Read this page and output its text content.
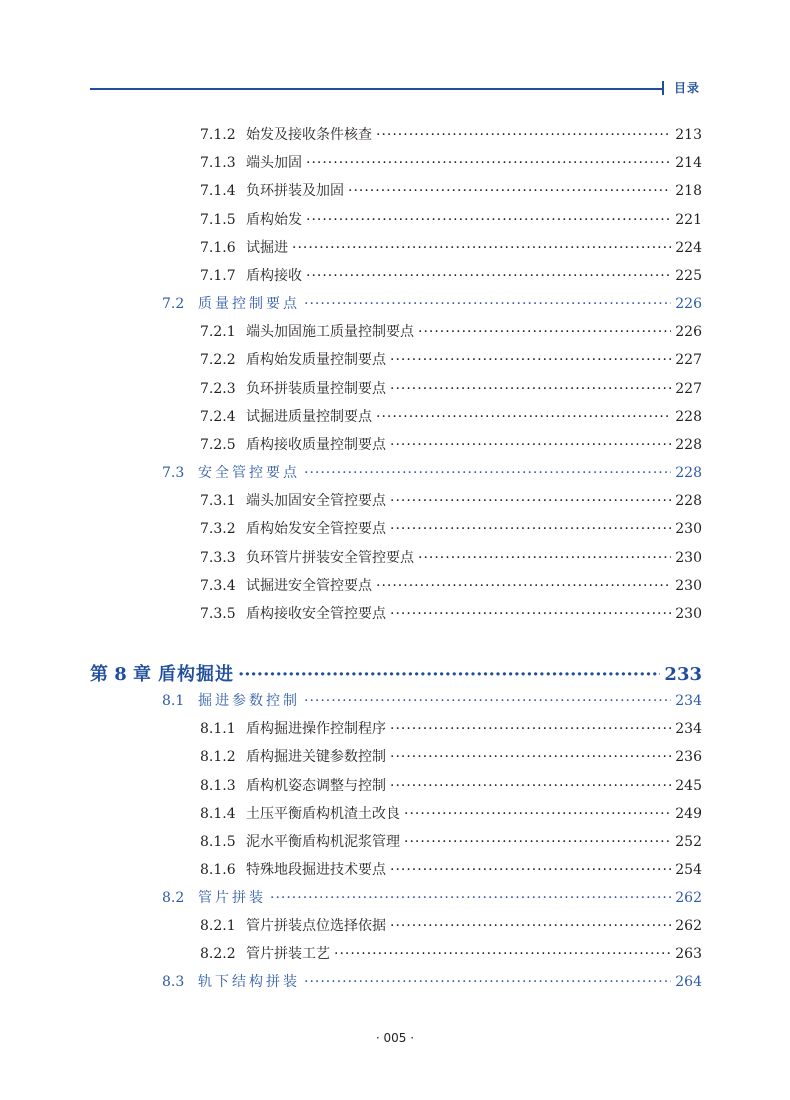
目录
7.1.2 始发及接收条件核查 ·····	213
7.1.3 端头加固 ·····	214
7.1.4 负环拼装及加固 ·····	218
7.1.5 盾构始发 ·····	221
7.1.6 试掘进 ·····	224
7.1.7 盾构接收 ·····	225
7.2 质量控制要点 ·····	226
7.2.1 端头加固施工质量控制要点 ·····	226
7.2.2 盾构始发质量控制要点 ·····	227
7.2.3 负环拼装质量控制要点 ·····	227
7.2.4 试掘进质量控制要点 ·····	228
7.2.5 盾构接收质量控制要点 ·····	228
7.3 安全管控要点 ·····	228
7.3.1 端头加固安全管控要点 ·····	228
7.3.2 盾构始发安全管控要点 ·····	230
7.3.3 负环管片拼装安全管控要点 ·····	230
7.3.4 试掘进安全管控要点 ·····	230
7.3.5 盾构接收安全管控要点 ·····	230
第 8 章 盾构掘进 ·····	233
8.1 掘进参数控制 ·····	234
8.1.1 盾构掘进操作控制程序 ·····	234
8.1.2 盾构掘进关键参数控制 ·····	236
8.1.3 盾构机姿态调整与控制 ·····	245
8.1.4 土压平衡盾构机渣土改良 ·····	249
8.1.5 泥水平衡盾构机泥浆管理 ·····	252
8.1.6 特殊地段掘进技术要点 ·····	254
8.2 管片拼装 ·····	262
8.2.1 管片拼装点位选择依据 ·····	262
8.2.2 管片拼装工艺 ·····	263
8.3 轨下结构拼装 ·····	264
· 005 ·
